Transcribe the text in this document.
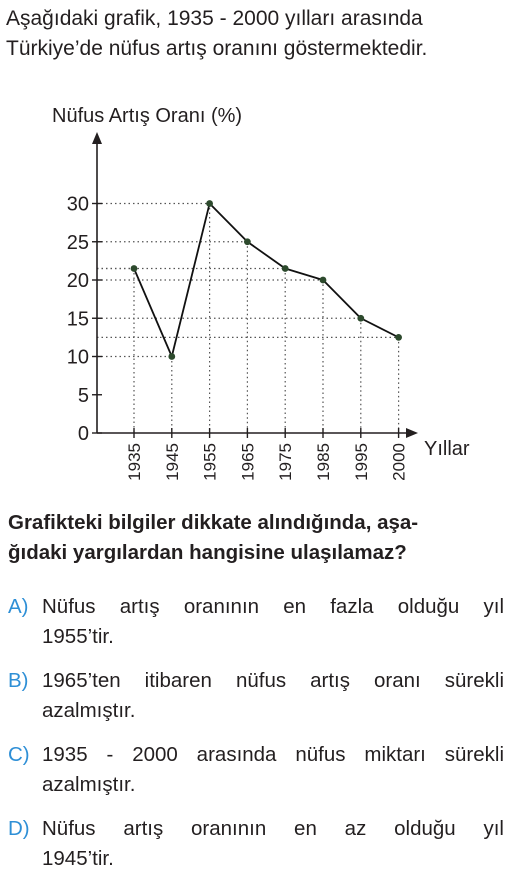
Aşağıdaki grafik, 1935 - 2000 yılları arasında
Türkiye’de nüfus artış oranını göstermektedir.
0
5
10
15
20
25
30
1935 1945 1955 1965 1975 1985 1995 2000
Nüfus Artış Oranı (%)
Yıllar
Grafikteki bilgiler dikkate alındığında, aşa-
ğıdaki yargılardan hangisine ulaşılamaz?
A) Nüfus artış oranının en fazla olduğu yıl
1955’tir.
B) 1965’ten itibaren nüfus artış oranı sürekli
azalmıştır.
C) 1935 - 2000 arasında nüfus miktarı sürekli
azalmıştır.
D) Nüfus artış oranının en az olduğu yıl
1945’tir.
